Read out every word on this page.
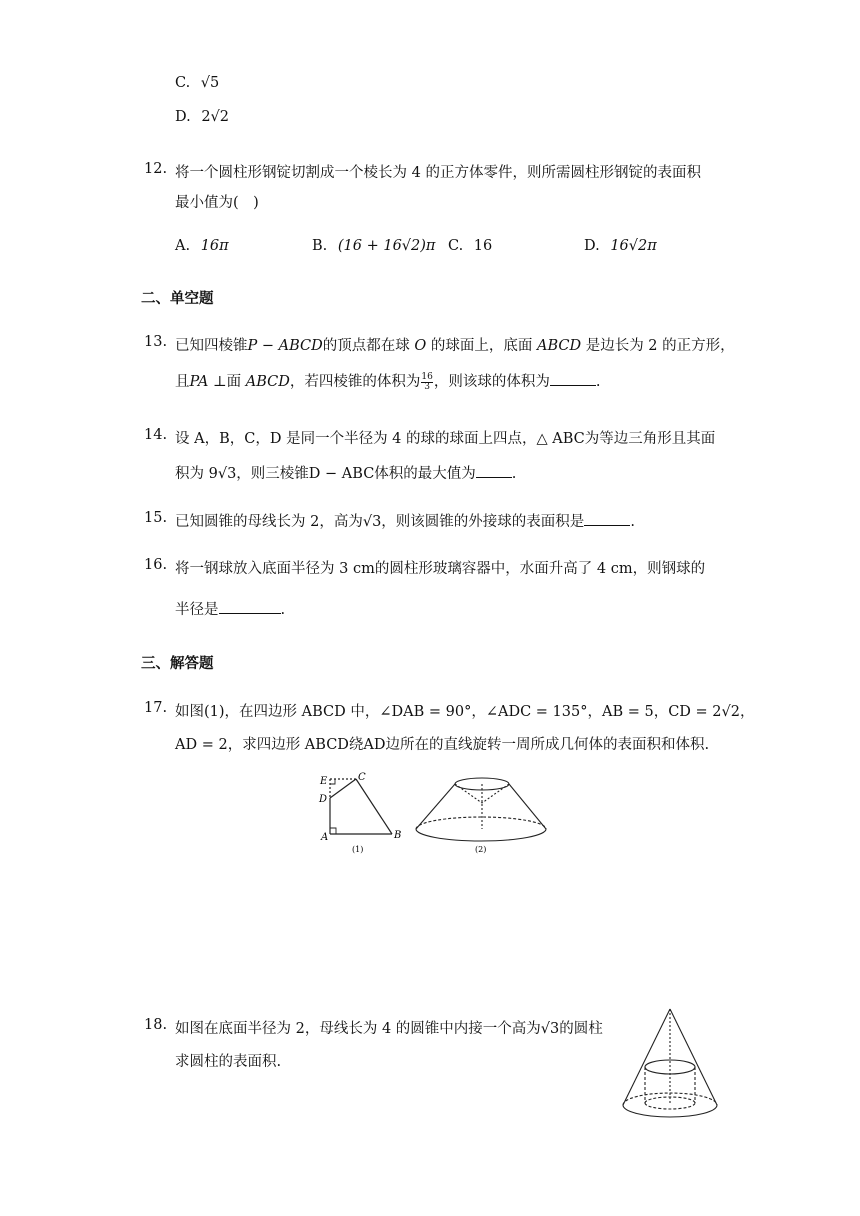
C. √5
D. 2√2
12. 将一个圆柱形钢锭切割成一个棱长为 4 的正方体零件，则所需圆柱形钢锭的表面积
最小值为(　)
A. 16π	B. (16 + 16√2)π C. 16	D. 16√2π
二、单空题
13. 已知四棱锥P − ABCD的顶点都在球 O 的球面上，底面 ABCD 是边长为 2 的正方形，
且PA ⊥面 ABCD，若四棱锥的体积为 $\frac{16}{3}$ ，则该球的体积为	.
14. 设 A，B，C，D 是同一个半径为 4 的球的球面上四点，△ ABC为等边三角形且其面
积为 9√3，则三棱锥D − ABC体积的最大值为 .
15. 已知圆锥的母线长为 2，高为√3，则该圆锥的外接球的表面积是	.
16. 将一钢球放入底面半径为 3 cm的圆柱形玻璃容器中，水面升高了 4 cm，则钢球的
半径是	.
三、解答题
17. 如图(1)，在四边形 ABCD 中，∠DAB = 90°，∠ADC = 135°，AB = 5，CD = 2√2，
AD = 2，求四边形 ABCD绕AD边所在的直线旋转一周所成几何体的表面积和体积.
E	C
D
A	B
(1)	(2)
18. 如图在底面半径为 2，母线长为 4 的圆锥中内接一个高为√3的圆柱
求圆柱的表面积.
